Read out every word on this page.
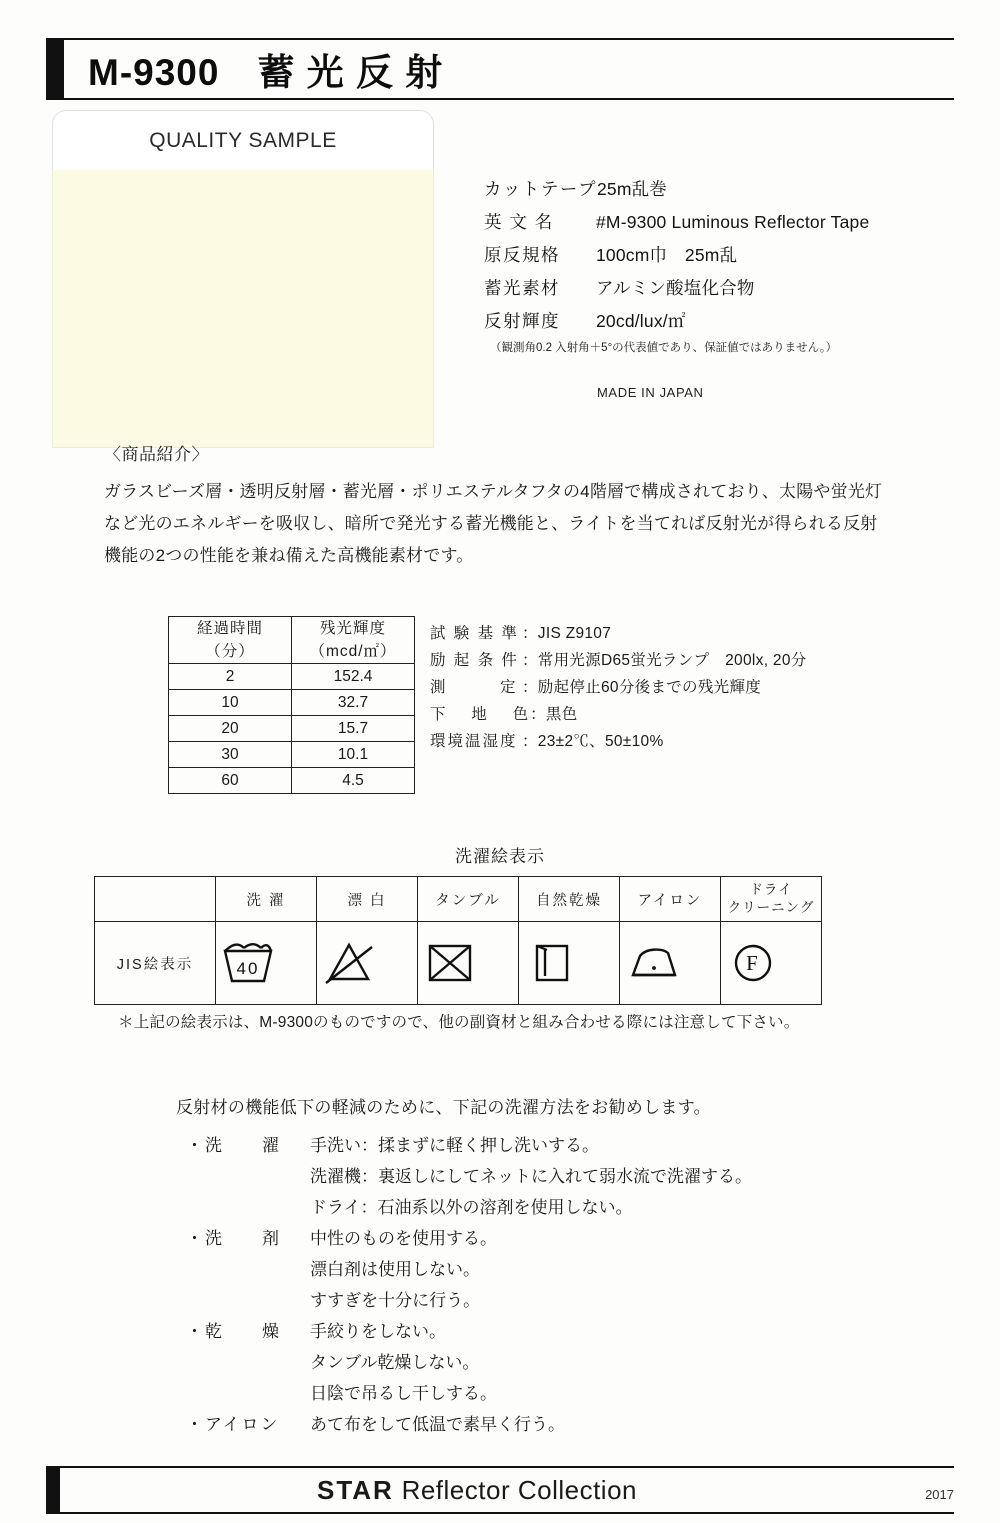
M-9300　蓄 光 反 射
QUALITY SAMPLE
カットテープ 25m乱巻
英 文 名	#M-9300 Luminous Reflector Tape
原反規格	100cm巾　25m乱
蓄光素材	アルミン酸塩化合物
反射輝度	20cd/lux/㎡
（観測角0.2 入射角＋5°の代表値であり、保証値ではありません。）
MADE IN JAPAN
〈商品紹介〉
ガラスビーズ層・透明反射層・蓄光層・ポリエステルタフタの4階層で構成されており、太陽や蛍光灯など光のエネルギーを吸収し、暗所で発光する蓄光機能と、ライトを当てれば反射光が得られる反射機能の2つの性能を兼ね備えた高機能素材です。
経過時間	残光輝度
（分）	（mcd/㎡）
2	152.4
10	32.7
20	15.7
30	10.1
60	4.5
試 験 基 準 ：JIS Z9107
励 起 条 件 ：常用光源D65蛍光ランプ　200lx, 20分
測　　　定 ：励起停止60分後までの残光輝度
下 　地　 色：黒色
環境温湿度 ：23±2℃、50±10%
洗濯絵表示
	洗 濯	漂 白	タンブル	自然乾燥	アイロン	ドライ
クリーニング
JIS絵表示	40					F
＊上記の絵表示は、M-9300のものですので、他の副資材と組み合わせる際には注意して下さい。
反射材の機能低下の軽減のために、下記の洗濯方法をお勧めします。
・洗　　濯	手洗い：揉まずに軽く押し洗いする。
洗濯機：裏返しにしてネットに入れて弱水流で洗濯する。
ドライ：石油系以外の溶剤を使用しない。
・洗　　剤	中性のものを使用する。
漂白剤は使用しない。
すすぎを十分に行う。
・乾　　燥	手絞りをしない。
タンブル乾燥しない。
日陰で吊るし干しする。
・アイロン	あて布をして低温で素早く行う。
STAR Reflector Collection	2017
